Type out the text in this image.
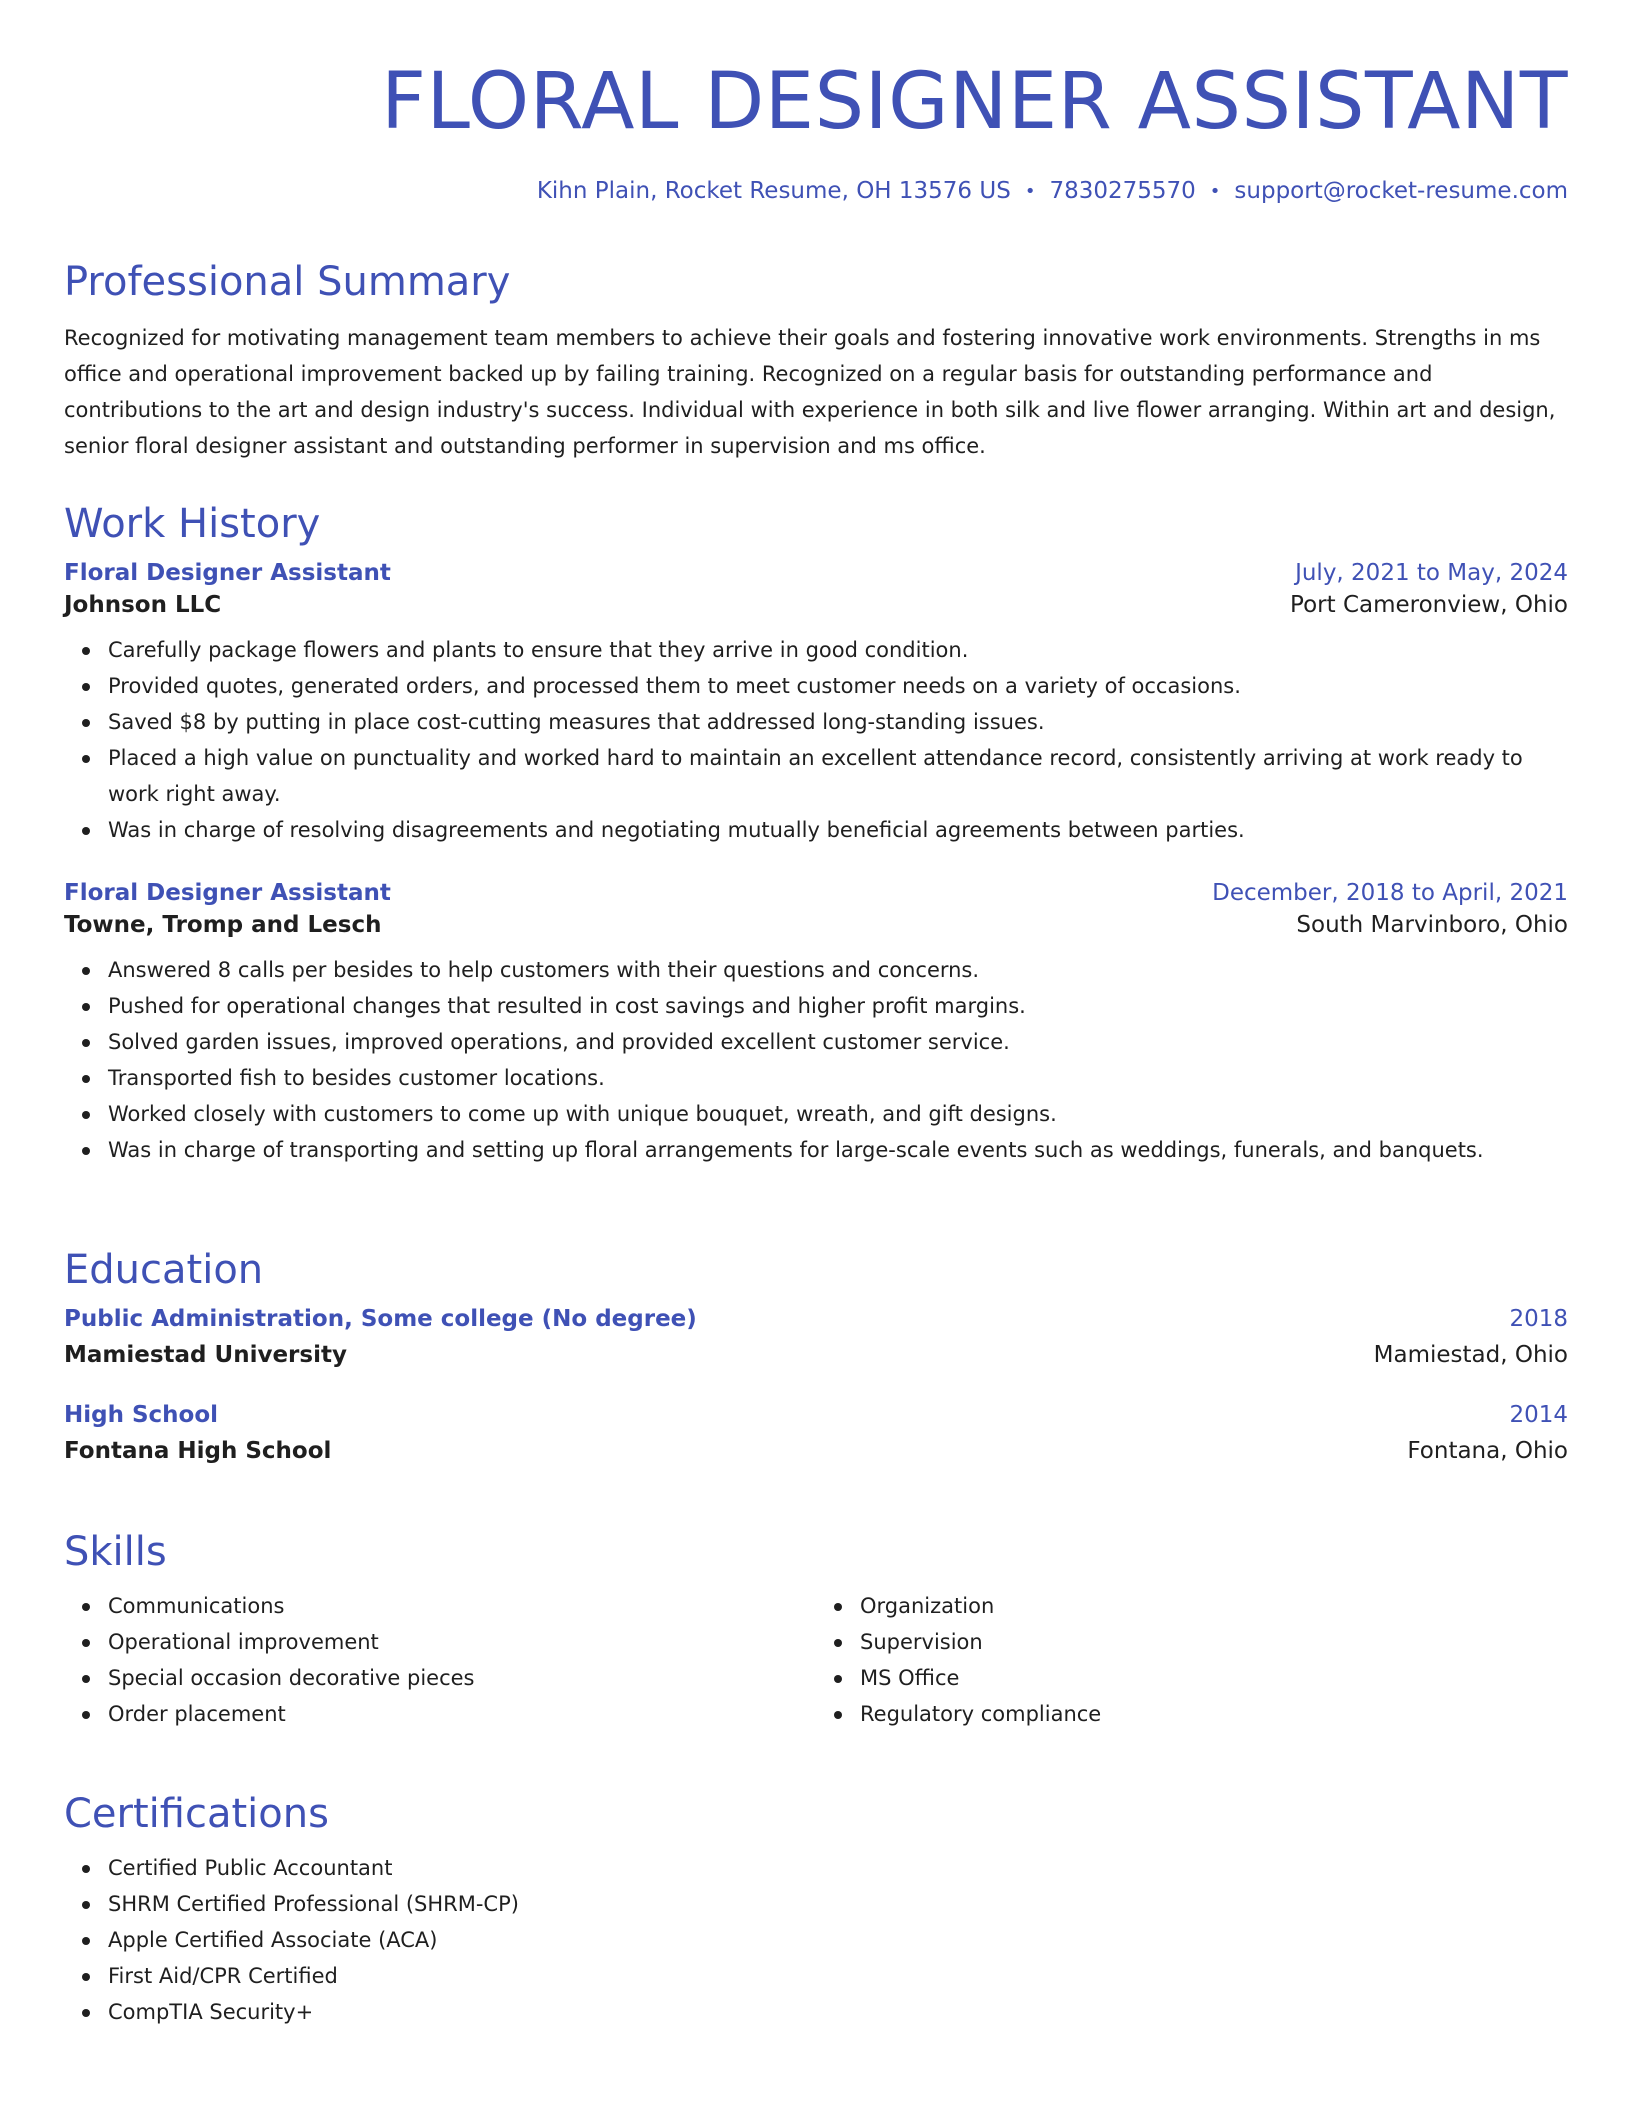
FLORAL DESIGNER ASSISTANT
Kihn Plain, Rocket Resume, OH 13576 US • 7830275570 • support@rocket-resume.com
Professional Summary

Recognized for motivating management team members to achieve their goals and fostering innovative work environments. Strengths in ms

office and operational improvement backed up by failing training. Recognized on a regular basis for outstanding performance and

contributions to the art and design industry's success. Individual with experience in both silk and live flower arranging. Within art and design,

senior floral designer assistant and outstanding performer in supervision and ms office.

Work History
Floral Designer Assistant	July, 2021 to May, 2024
Johnson LLC	Port Cameronview, Ohio
Carefully package flowers and plants to ensure that they arrive in good condition.
Provided quotes, generated orders, and processed them to meet customer needs on a variety of occasions.
Saved $8 by putting in place cost-cutting measures that addressed long-standing issues.
Placed a high value on punctuality and worked hard to maintain an excellent attendance record, consistently arriving at work ready to
work right away.
Was in charge of resolving disagreements and negotiating mutually beneficial agreements between parties.
Floral Designer Assistant	December, 2018 to April, 2021
Towne, Tromp and Lesch	South Marvinboro, Ohio
Answered 8 calls per besides to help customers with their questions and concerns.
Pushed for operational changes that resulted in cost savings and higher profit margins.
Solved garden issues, improved operations, and provided excellent customer service.
Transported fish to besides customer locations.
Worked closely with customers to come up with unique bouquet, wreath, and gift designs.
Was in charge of transporting and setting up floral arrangements for large-scale events such as weddings, funerals, and banquets.
Education
Public Administration, Some college (No degree)	2018
Mamiestad University	Mamiestad, Ohio
High School	2014
Fontana High School	Fontana, Ohio
Skills
Communications
Operational improvement
Special occasion decorative pieces
Order placement
Organization
Supervision
MS Office
Regulatory compliance
Certifications
Certified Public Accountant
SHRM Certified Professional (SHRM-CP)
Apple Certified Associate (ACA)
First Aid/CPR Certified
CompTIA Security+
